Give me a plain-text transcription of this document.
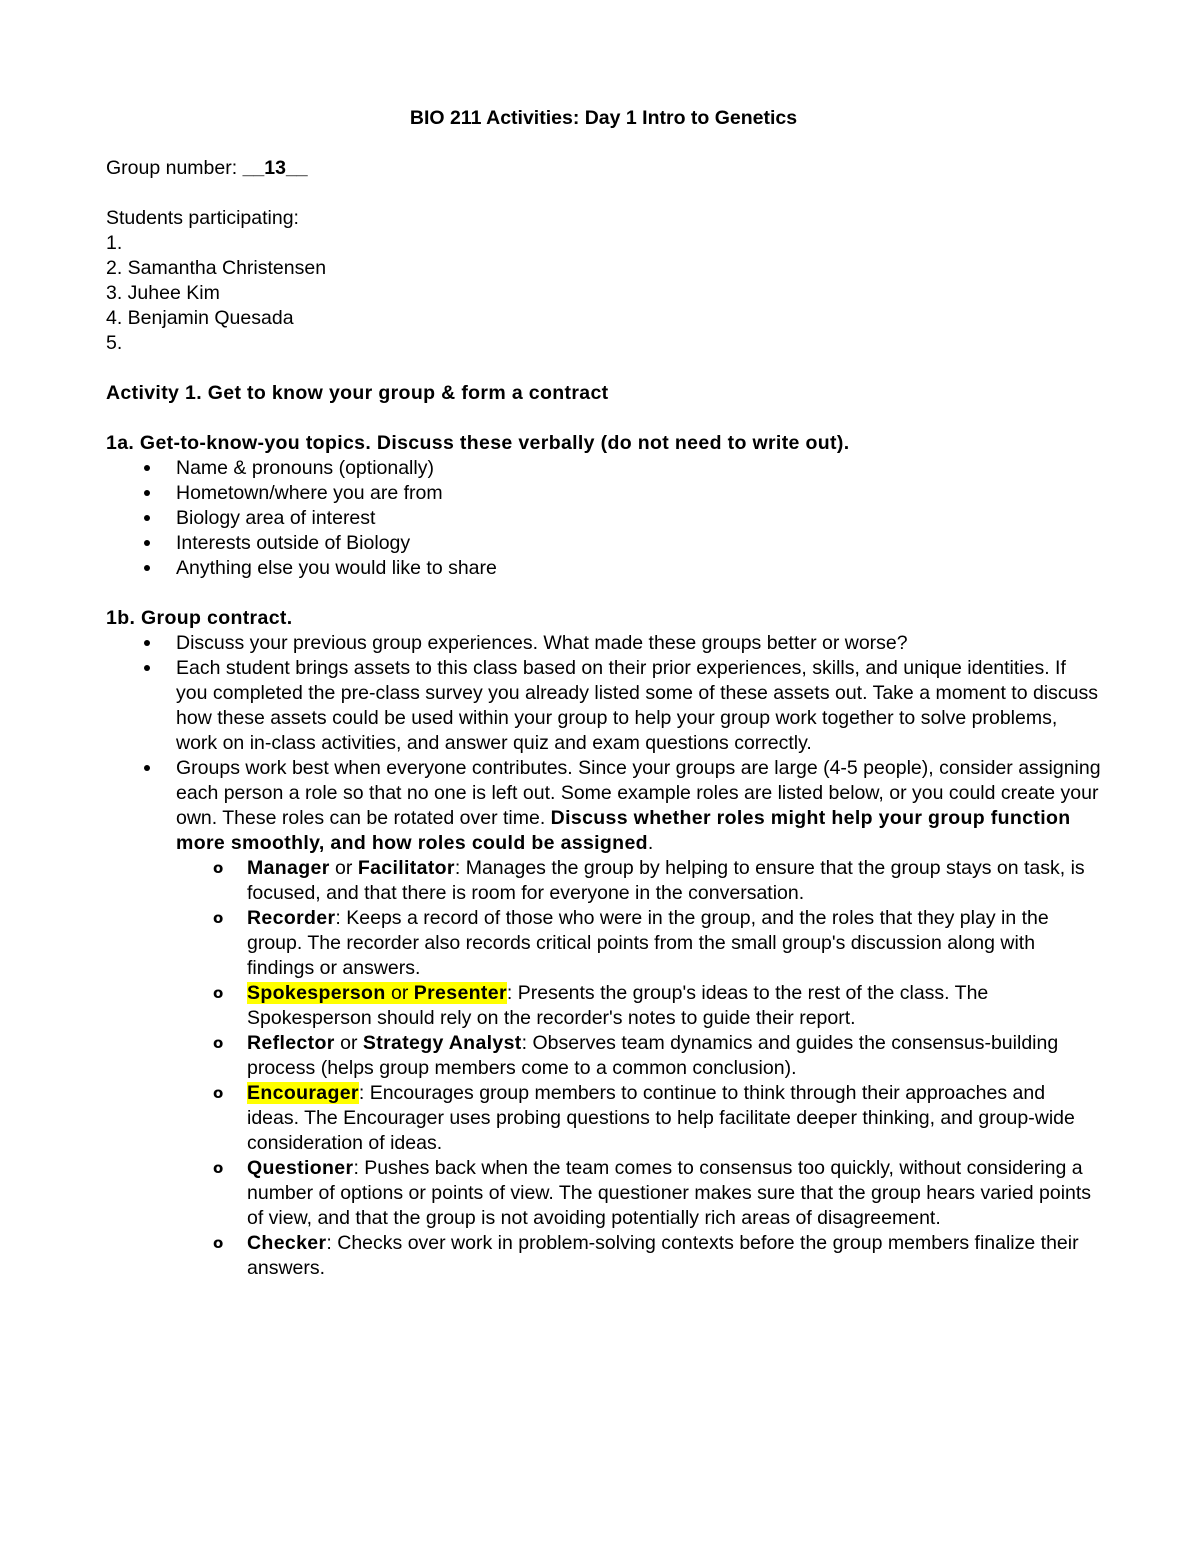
BIO 211 Activities: Day 1 Intro to Genetics
Group number: __13__
Students participating:
1.
2. Samantha Christensen
3. Juhee Kim
4. Benjamin Quesada
5.
Activity 1. Get to know your group & form a contract
1a. Get-to-know-you topics. Discuss these verbally (do not need to write out).
Name & pronouns (optionally)
Hometown/where you are from
Biology area of interest
Interests outside of Biology
Anything else you would like to share
1b. Group contract.
Discuss your previous group experiences. What made these groups better or worse?
Each student brings assets to this class based on their prior experiences, skills, and unique identities. If you completed the pre-class survey you already listed some of these assets out. Take a moment to discuss how these assets could be used within your group to help your group work together to solve problems, work on in-class activities, and answer quiz and exam questions correctly.
Groups work best when everyone contributes. Since your groups are large (4-5 people), consider assigning each person a role so that no one is left out. Some example roles are listed below, or you could create your own. These roles can be rotated over time. Discuss whether roles might help your group function more smoothly, and how roles could be assigned.
o Manager or Facilitator: Manages the group by helping to ensure that the group stays on task, is focused, and that there is room for everyone in the conversation.
o Recorder: Keeps a record of those who were in the group, and the roles that they play in the group. The recorder also records critical points from the small group's discussion along with findings or answers.
o Spokesperson or Presenter: Presents the group's ideas to the rest of the class. The Spokesperson should rely on the recorder's notes to guide their report.
o Reflector or Strategy Analyst: Observes team dynamics and guides the consensus-building process (helps group members come to a common conclusion).
o Encourager: Encourages group members to continue to think through their approaches and ideas. The Encourager uses probing questions to help facilitate deeper thinking, and group-wide consideration of ideas.
o Questioner: Pushes back when the team comes to consensus too quickly, without considering a number of options or points of view. The questioner makes sure that the group hears varied points of view, and that the group is not avoiding potentially rich areas of disagreement.
o Checker: Checks over work in problem-solving contexts before the group members finalize their answers.
